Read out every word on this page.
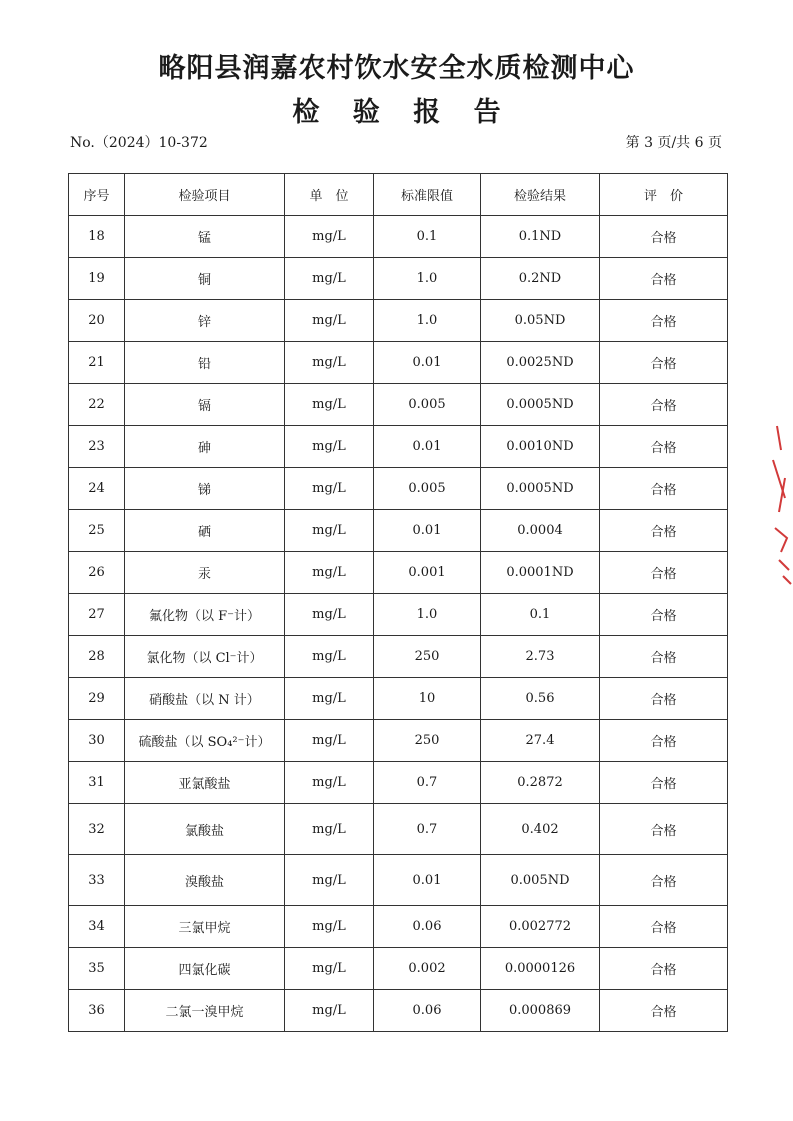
略阳县润嘉农村饮水安全水质检测中心
检 验 报 告
No.（2024）10-372	第 3 页/共 6 页
序号	检验项目	单　位	标准限值	检验结果	评　价
18	锰	mg/L	0.1	0.1ND	合格
19	铜	mg/L	1.0	0.2ND	合格
20	锌	mg/L	1.0	0.05ND	合格
21	铅	mg/L	0.01	0.0025ND	合格
22	镉	mg/L	0.005	0.0005ND	合格
23	砷	mg/L	0.01	0.0010ND	合格
24	锑	mg/L	0.005	0.0005ND	合格
25	硒	mg/L	0.01	0.0004	合格
26	汞	mg/L	0.001	0.0001ND	合格
27	氟化物（以 F⁻计）	mg/L	1.0	0.1	合格
28	氯化物（以 Cl⁻计）	mg/L	250	2.73	合格
29	硝酸盐（以 N 计）	mg/L	10	0.56	合格
30	硫酸盐（以 SO₄²⁻计）	mg/L	250	27.4	合格
31	亚氯酸盐	mg/L	0.7	0.2872	合格
32	氯酸盐	mg/L	0.7	0.402	合格
33	溴酸盐	mg/L	0.01	0.005ND	合格
34	三氯甲烷	mg/L	0.06	0.002772	合格
35	四氯化碳	mg/L	0.002	0.0000126	合格
36	二氯一溴甲烷	mg/L	0.06	0.000869	合格
